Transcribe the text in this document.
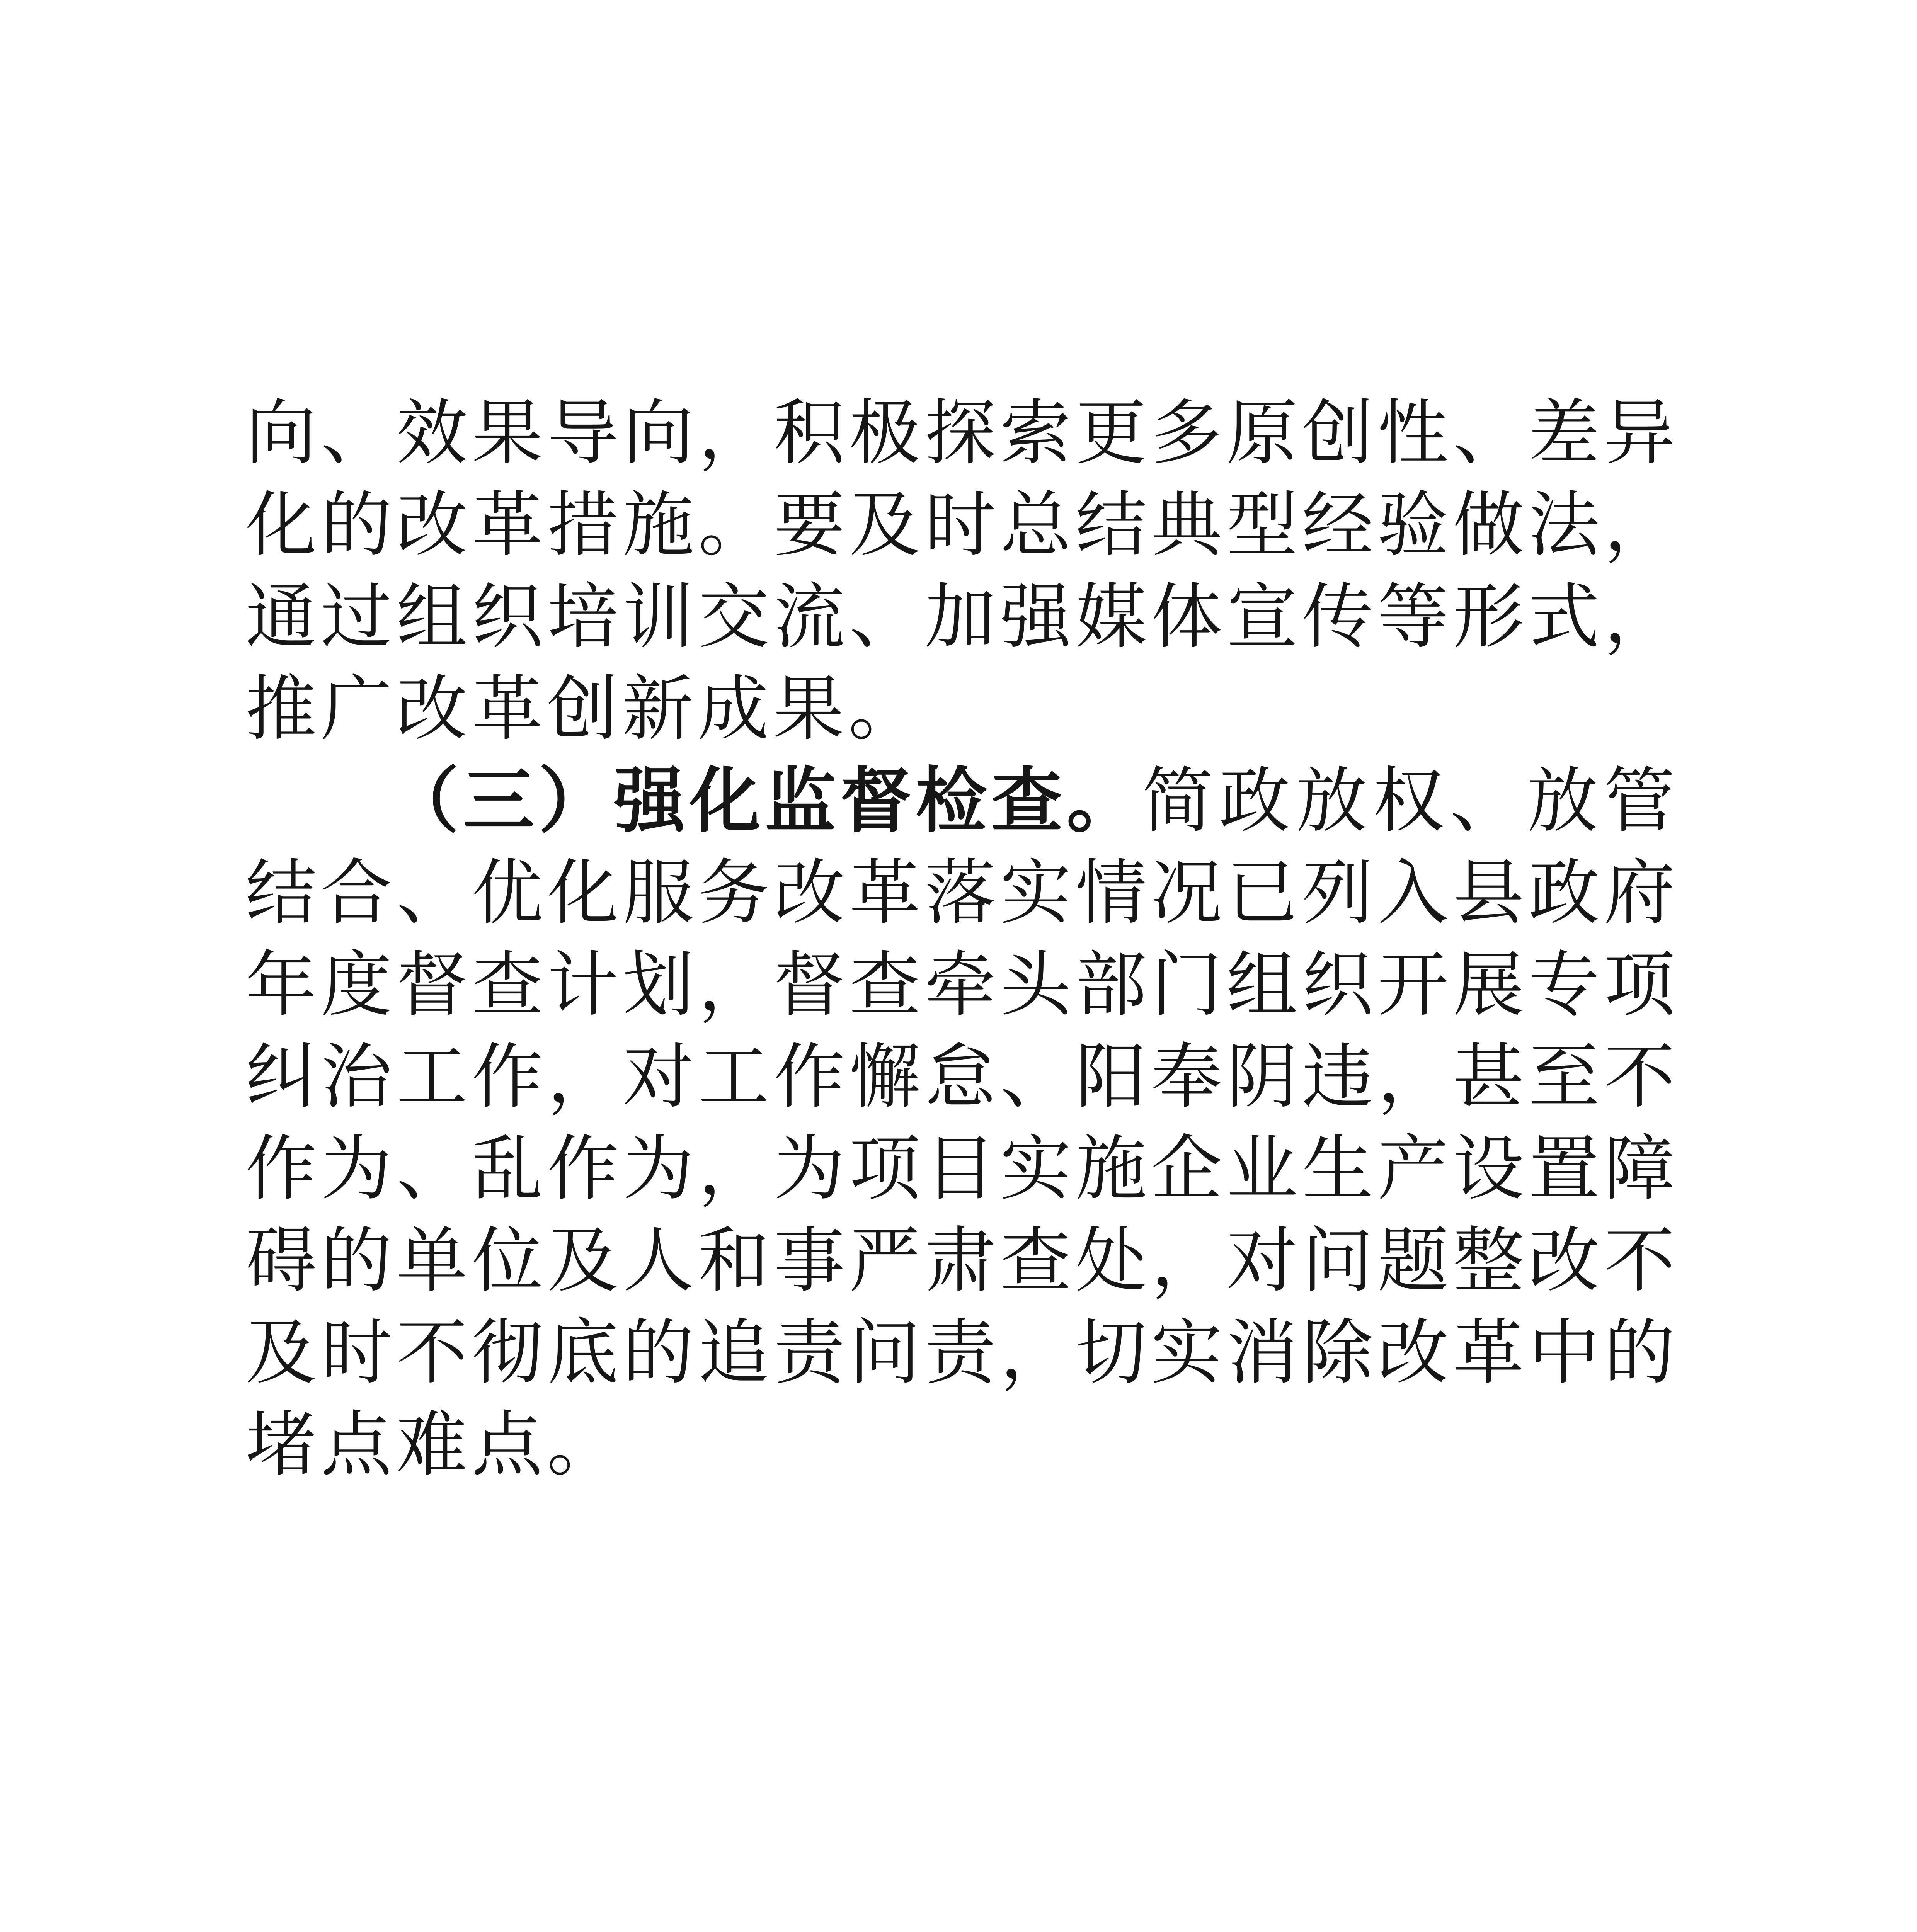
向、效果导向，积极探索更多原创性、差异化的改革措施。要及时总结典型经验做法，通过组织培训交流、加强媒体宣传等形式，推广改革创新成果。

（三）强化监督检查。简政放权、放管结合、优化服务改革落实情况已列入县政府年度督查计划，督查牵头部门组织开展专项纠治工作，对工作懈怠、阳奉阴违，甚至不作为、乱作为，为项目实施企业生产设置障碍的单位及人和事严肃查处，对问题整改不及时不彻底的追责问责，切实消除改革中的堵点难点。
